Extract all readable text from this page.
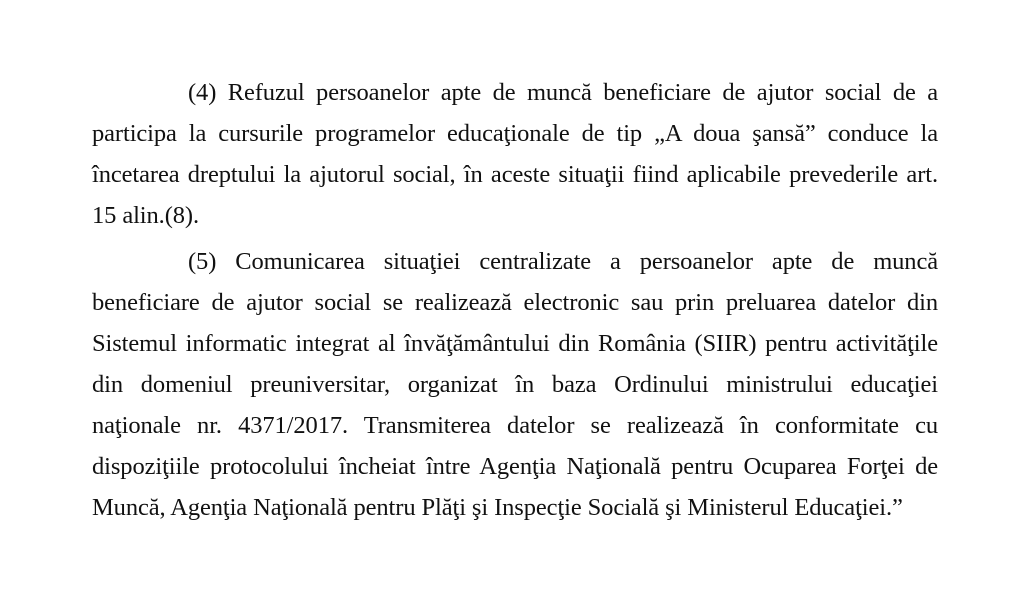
(4) Refuzul persoanelor apte de muncă beneficiare de ajutor social de a
participa la cursurile programelor educaţionale de tip „A doua şansă” conduce la
încetarea dreptului la ajutorul social, în aceste situaţii fiind aplicabile prevederile art.
15 alin.(8).
(5) Comunicarea situaţiei centralizate a persoanelor apte de muncă
beneficiare de ajutor social se realizează electronic sau prin preluarea datelor din
Sistemul informatic integrat al învăţământului din România (SIIR) pentru activităţile
din domeniul preuniversitar, organizat în baza Ordinului ministrului educaţiei
naţionale nr. 4371/2017. Transmiterea datelor se realizează în conformitate cu
dispoziţiile protocolului încheiat între Agenţia Naţională pentru Ocuparea Forţei de
Muncă, Agenţia Naţională pentru Plăţi şi Inspecţie Socială şi Ministerul Educaţiei.”
